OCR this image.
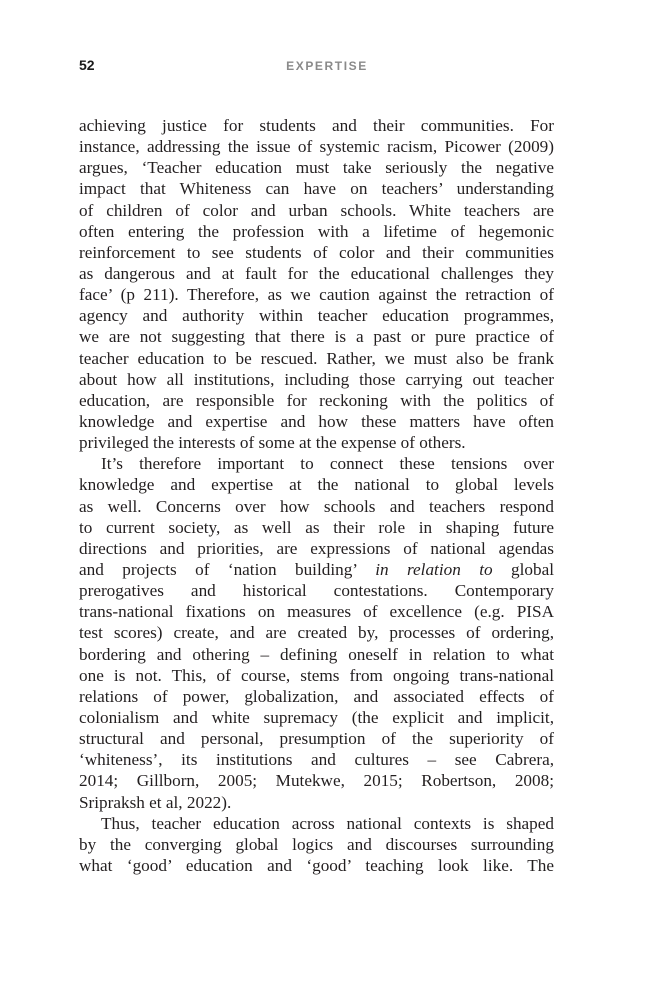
52	EXPERTISE

achieving justice for students and their communities. For
instance, addressing the issue of systemic racism, Picower (2009)
argues, ‘Teacher education must take seriously the negative
impact that Whiteness can have on teachers’ understanding
of children of color and urban schools. White teachers are
often entering the profession with a lifetime of hegemonic
reinforcement to see students of color and their communities
as dangerous and at fault for the educational challenges they
face’ (p 211). Therefore, as we caution against the retraction of
agency and authority within teacher education programmes,
we are not suggesting that there is a past or pure practice of
teacher education to be rescued. Rather, we must also be frank
about how all institutions, including those carrying out teacher
education, are responsible for reckoning with the politics of
knowledge and expertise and how these matters have often
privileged the interests of some at the expense of others.

It’s therefore important to connect these tensions over
knowledge and expertise at the national to global levels
as well. Concerns over how schools and teachers respond
to current society, as well as their role in shaping future
directions and priorities, are expressions of national agendas
and projects of ‘nation building’ in relation to global
prerogatives and historical contestations. Contemporary
trans-national fixations on measures of excellence (e.g. PISA
test scores) create, and are created by, processes of ordering,
bordering and othering – defining oneself in relation to what
one is not. This, of course, stems from ongoing trans-national
relations of power, globalization, and associated effects of
colonialism and white supremacy (the explicit and implicit,
structural and personal, presumption of the superiority of
‘whiteness’, its institutions and cultures – see Cabrera,
2014; Gillborn, 2005; Mutekwe, 2015; Robertson, 2008;
Sripraksh et al, 2022).

Thus, teacher education across national contexts is shaped
by the converging global logics and discourses surrounding
what ‘good’ education and ‘good’ teaching look like. The
